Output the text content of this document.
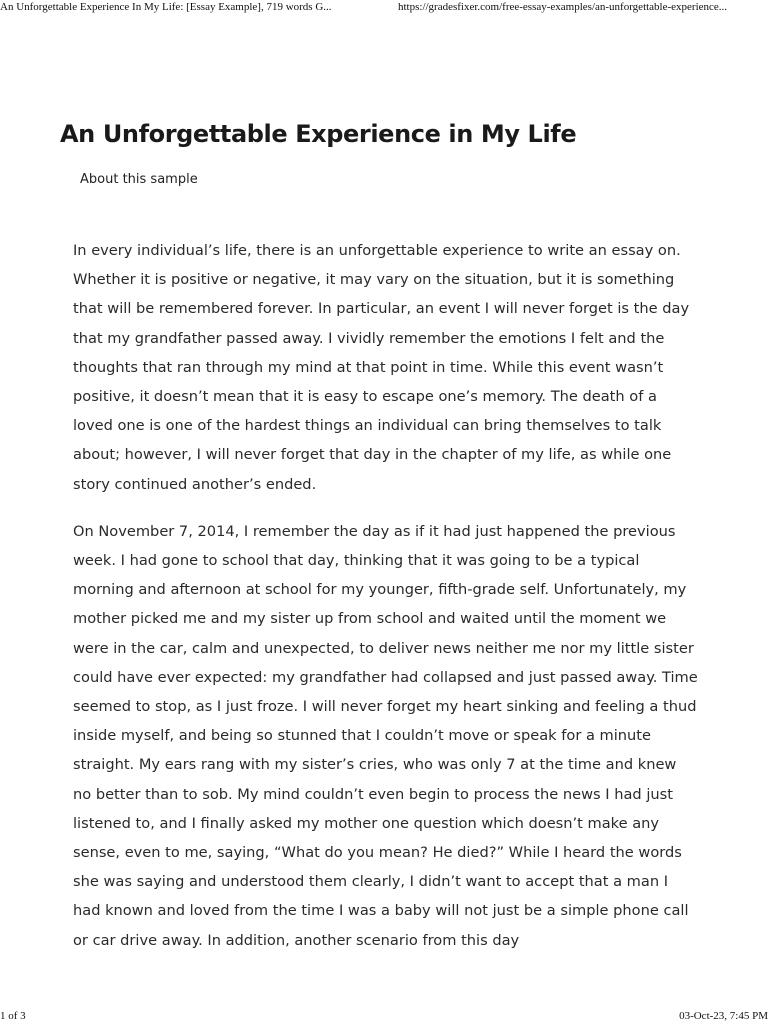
An Unforgettable Experience In My Life: [Essay Example], 719 words G...	https://gradesfixer.com/free-essay-examples/an-unforgettable-experience...
An Unforgettable Experience in My Life
About this sample

In every individual’s life, there is an unforgettable experience to write an essay on. Whether it is positive or negative, it may vary on the situation, but it is something that will be remembered forever. In particular, an event I will never forget is the day that my grandfather passed away. I vividly remember the emotions I felt and the thoughts that ran through my mind at that point in time. While this event wasn’t positive, it doesn’t mean that it is easy to escape one’s memory. The death of a loved one is one of the hardest things an individual can bring themselves to talk about; however, I will never forget that day in the chapter of my life, as while one story continued another’s ended.

On November 7, 2014, I remember the day as if it had just happened the previous week. I had gone to school that day, thinking that it was going to be a typical morning and afternoon at school for my younger, fifth-grade self. Unfortunately, my mother picked me and my sister up from school and waited until the moment we were in the car, calm and unexpected, to deliver news neither me nor my little sister could have ever expected: my grandfather had collapsed and just passed away. Time seemed to stop, as I just froze. I will never forget my heart sinking and feeling a thud inside myself, and being so stunned that I couldn’t move or speak for a minute straight. My ears rang with my sister’s cries, who was only 7 at the time and knew no better than to sob. My mind couldn’t even begin to process the news I had just listened to, and I finally asked my mother one question which doesn’t make any sense, even to me, saying, “What do you mean? He died?” While I heard the words she was saying and understood them clearly, I didn’t want to accept that a man I had known and loved from the time I was a baby will not just be a simple phone call or car drive away. In addition, another scenario from this day

1 of 3	03-Oct-23, 7:45 PM
